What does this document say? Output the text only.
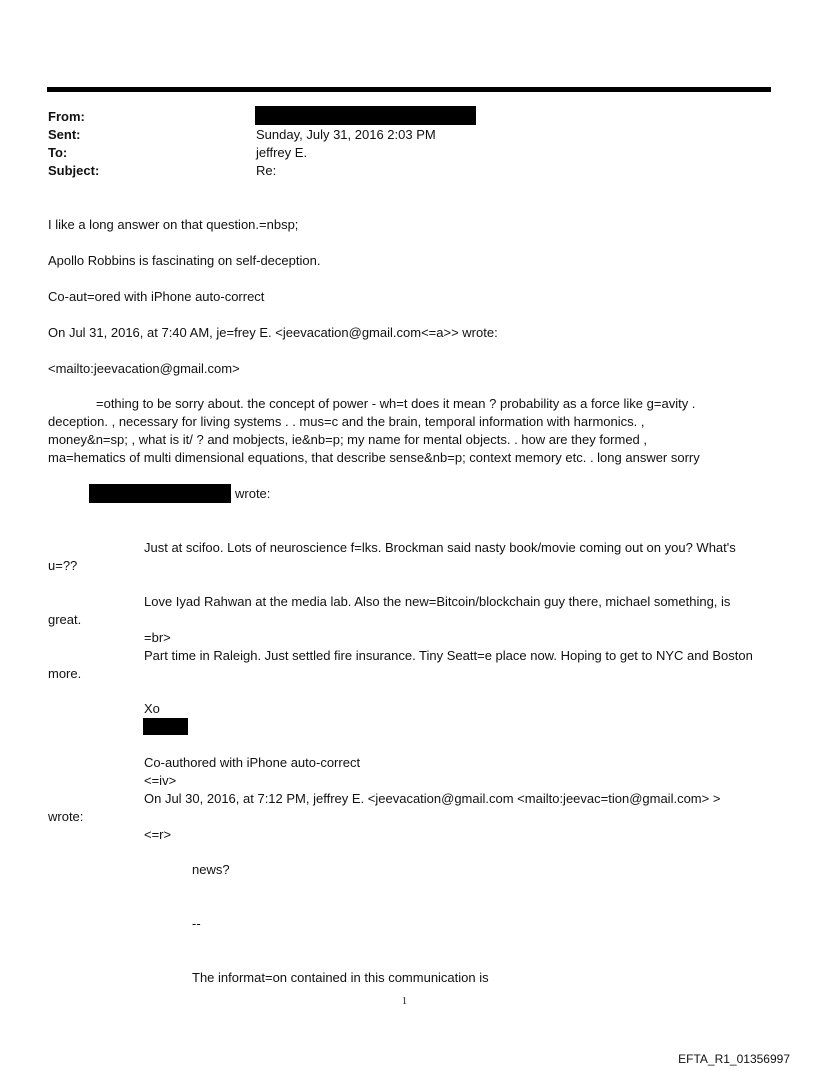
From:
Sent:
To:
Subject:
Sunday, July 31, 2016 2:03 PM
jeffrey E.
Re:
I like a long answer on that question.=nbsp;
Apollo Robbins is fascinating on self-deception.
Co-aut=ored with iPhone auto-correct
On Jul 31, 2016, at 7:40 AM, je=frey E. <jeevacation@gmail.com<=a>> wrote:
<mailto:jeevacation@gmail.com>
=othing to be sorry about. the concept of power - wh=t does it mean ? probability as a force like g=avity .
deception. , necessary for living systems . . mus=c and the brain, temporal information with harmonics. ,
money&n=sp; , what is it/ ? and mobjects, ie&nb=p; my name for mental objects. . how are they formed ,
ma=hematics of multi dimensional equations, that describe sense&nb=p; context memory etc. . long answer sorry
wrote:
Just at scifoo. Lots of neuroscience f=lks. Brockman said nasty book/movie coming out on you? What's
u=??
Love Iyad Rahwan at the media lab. Also the new=Bitcoin/blockchain guy there, michael something, is
great.
=br>
Part time in Raleigh. Just settled fire insurance. Tiny Seatt=e place now. Hoping to get to NYC and Boston
more.
Xo
Co-authored with iPhone auto-correct
<=iv>
On Jul 30, 2016, at 7:12 PM, jeffrey E. <jeevacation@gmail.com <mailto:jeevac=tion@gmail.com> >
wrote:
<=r>
news?
--
The informat=on contained in this communication is
1
EFTA_R1_01356997
